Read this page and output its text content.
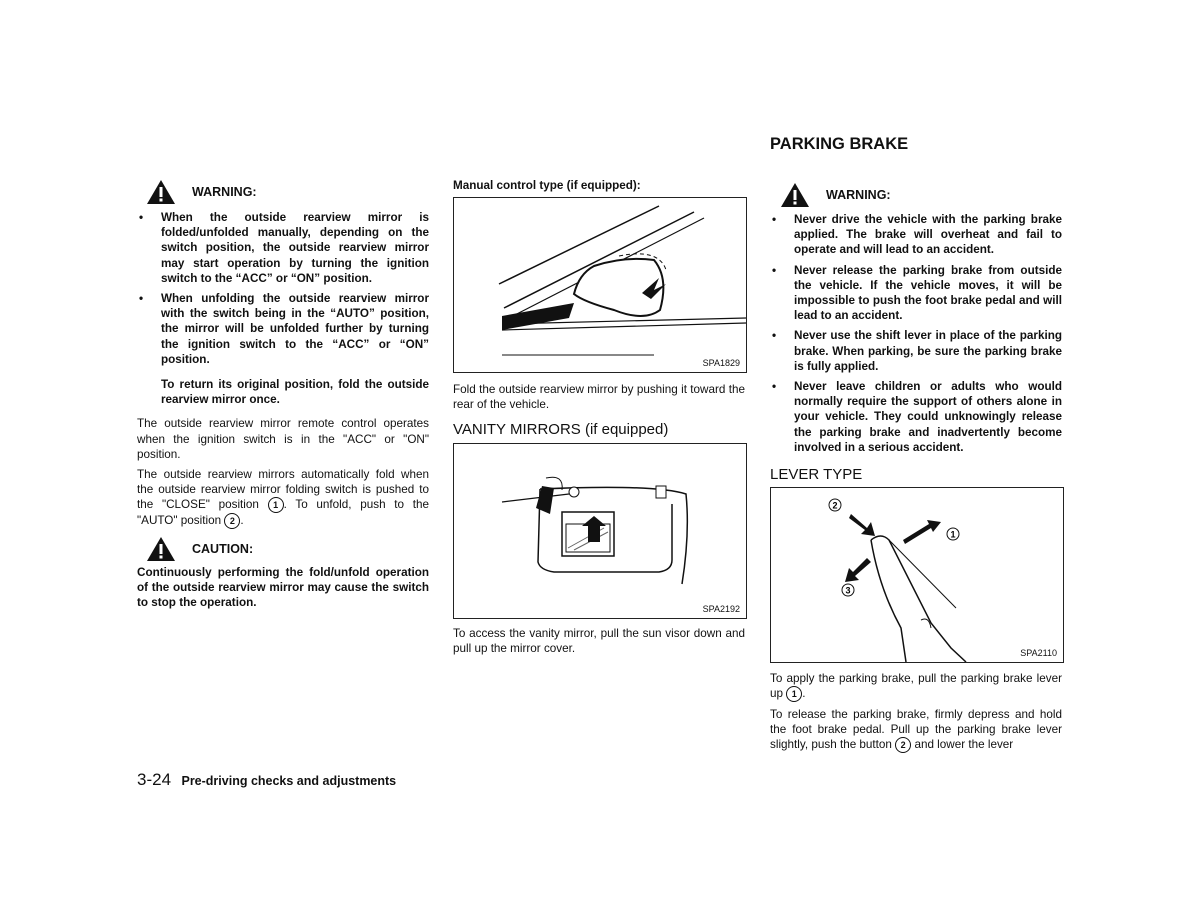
WARNING:
• When the outside rearview mirror is folded/unfolded manually, depending on the switch position, the outside rearview mirror may start operation by turning the ignition switch to the “ACC” or “ON” position.
• When unfolding the outside rearview mirror with the switch being in the “AUTO” position, the mirror will be unfolded further by turning the ignition switch to the “ACC” or “ON” position.
To return its original position, fold the outside rearview mirror once.

The outside rearview mirror remote control operates when the ignition switch is in the "ACC" or "ON" position.

The outside rearview mirrors automatically fold when the outside rearview mirror folding switch is pushed to the "CLOSE" position 1 . To unfold, push to the "AUTO" position 2 .

CAUTION:

Continuously performing the fold/unfold operation of the outside rearview mirror may cause the switch to stop the operation.

Manual control type (if equipped):
SPA1829

Fold the outside rearview mirror by pushing it toward the rear of the vehicle.

VANITY MIRRORS (if equipped)
SPA2192

To access the vanity mirror, pull the sun visor down and pull up the mirror cover.

PARKING BRAKE
WARNING:
• Never drive the vehicle with the parking brake applied. The brake will overheat and fail to operate and will lead to an accident.
• Never release the parking brake from outside the vehicle. If the vehicle moves, it will be impossible to push the foot brake pedal and will lead to an accident.
• Never use the shift lever in place of the parking brake. When parking, be sure the parking brake is fully applied.
• Never leave children or adults who would normally require the support of others alone in your vehicle. They could unknowingly release the parking brake and inadvertently become involved in a serious accident.
LEVER TYPE
2
1
3
SPA2110

To apply the parking brake, pull the parking brake lever up 1 .

To release the parking brake, firmly depress and hold the foot brake pedal. Pull up the parking brake lever slightly, push the button 2 and lower the lever

3-24 Pre-driving checks and adjustments
